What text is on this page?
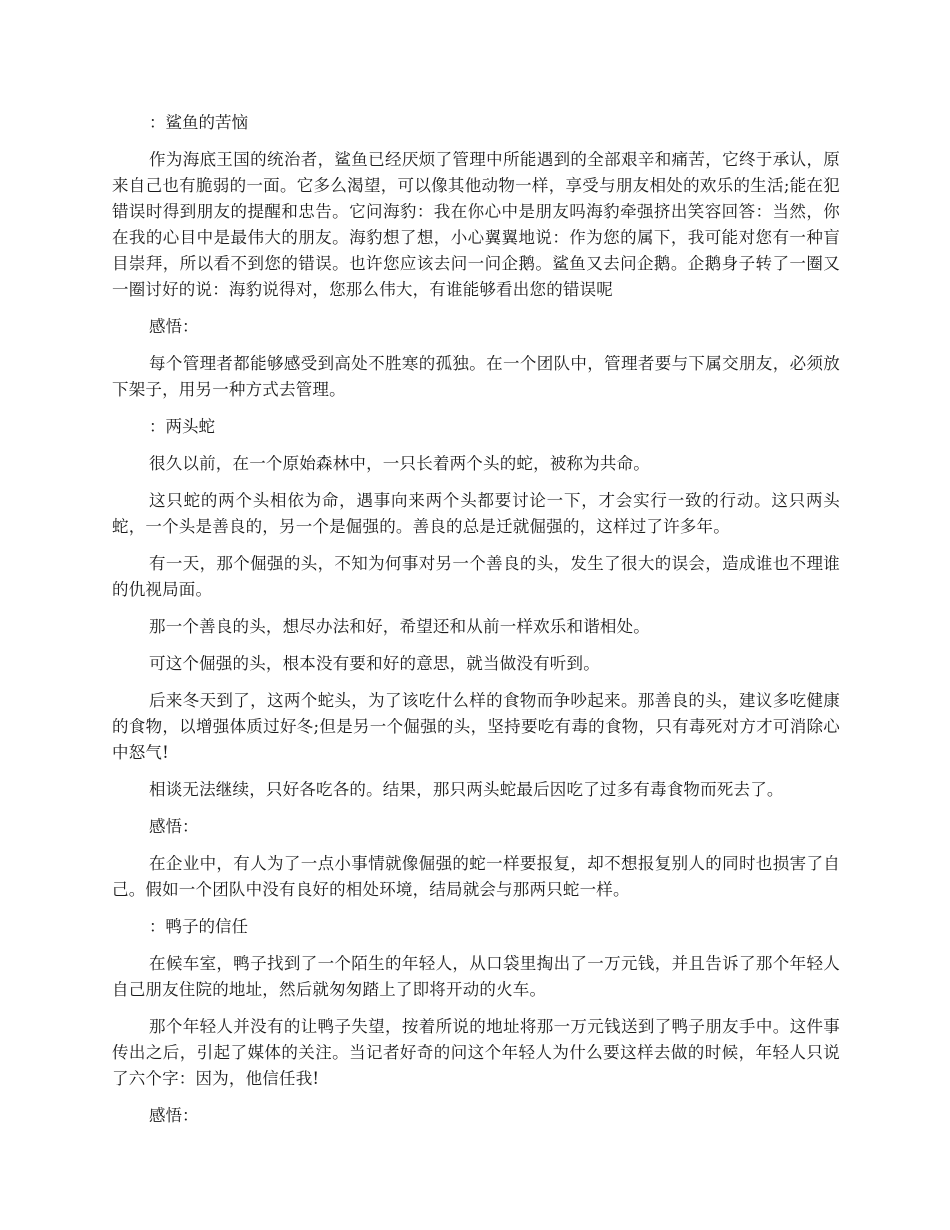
：鲨鱼的苦恼

作为海底王国的统治者，鲨鱼已经厌烦了管理中所能遇到的全部艰辛和痛苦，它终于承认，原来自己也有脆弱的一面。它多么渴望，可以像其他动物一样，享受与朋友相处的欢乐的生活;能在犯错误时得到朋友的提醒和忠告。它问海豹：我在你心中是朋友吗海豹牵强挤出笑容回答：当然，你在我的心目中是最伟大的朋友。海豹想了想，小心翼翼地说：作为您的属下，我可能对您有一种盲目崇拜，所以看不到您的错误。也许您应该去问一问企鹅。鲨鱼又去问企鹅。企鹅身子转了一圈又一圈讨好的说：海豹说得对，您那么伟大，有谁能够看出您的错误呢

感悟：

每个管理者都能够感受到高处不胜寒的孤独。在一个团队中，管理者要与下属交朋友，必须放下架子，用另一种方式去管理。

：两头蛇

很久以前，在一个原始森林中，一只长着两个头的蛇，被称为共命。

这只蛇的两个头相依为命，遇事向来两个头都要讨论一下，才会实行一致的行动。这只两头蛇，一个头是善良的，另一个是倔强的。善良的总是迁就倔强的，这样过了许多年。

有一天，那个倔强的头，不知为何事对另一个善良的头，发生了很大的误会，造成谁也不理谁的仇视局面。

那一个善良的头，想尽办法和好，希望还和从前一样欢乐和谐相处。

可这个倔强的头，根本没有要和好的意思，就当做没有听到。

后来冬天到了，这两个蛇头，为了该吃什么样的食物而争吵起来。那善良的头，建议多吃健康的食物，以增强体质过好冬;但是另一个倔强的头，坚持要吃有毒的食物，只有毒死对方才可消除心中怒气!

相谈无法继续，只好各吃各的。结果，那只两头蛇最后因吃了过多有毒食物而死去了。

感悟：

在企业中，有人为了一点小事情就像倔强的蛇一样要报复，却不想报复别人的同时也损害了自己。假如一个团队中没有良好的相处环境，结局就会与那两只蛇一样。

：鸭子的信任

在候车室，鸭子找到了一个陌生的年轻人，从口袋里掏出了一万元钱，并且告诉了那个年轻人自己朋友住院的地址，然后就匆匆踏上了即将开动的火车。

那个年轻人并没有的让鸭子失望，按着所说的地址将那一万元钱送到了鸭子朋友手中。这件事传出之后，引起了媒体的关注。当记者好奇的问这个年轻人为什么要这样去做的时候，年轻人只说了六个字：因为，他信任我!

感悟：
